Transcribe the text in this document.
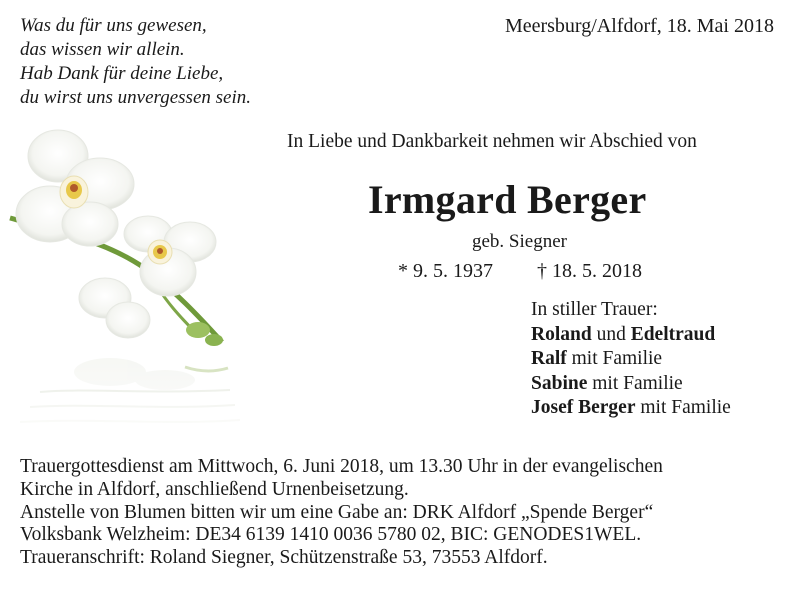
Was du für uns gewesen,
das wissen wir allein.
Hab Dank für deine Liebe,
du wirst uns unvergessen sein.
Meersburg/Alfdorf, 18. Mai 2018
In Liebe und Dankbarkeit nehmen wir Abschied von
Irmgard Berger
geb. Siegner
* 9. 5. 1937 † 18. 5. 2018
In stiller Trauer:
Roland und Edeltraud
Ralf mit Familie
Sabine mit Familie
Josef Berger mit Familie
Trauergottesdienst am Mittwoch, 6. Juni 2018, um 13.30 Uhr in der evangelischen
Kirche in Alfdorf, anschließend Urnenbeisetzung.
Anstelle von Blumen bitten wir um eine Gabe an: DRK Alfdorf „Spende Berger“
Volksbank Welzheim: DE34 6139 1410 0036 5780 02, BIC: GENODES1WEL.
Traueranschrift: Roland Siegner, Schützenstraße 53, 73553 Alfdorf.
